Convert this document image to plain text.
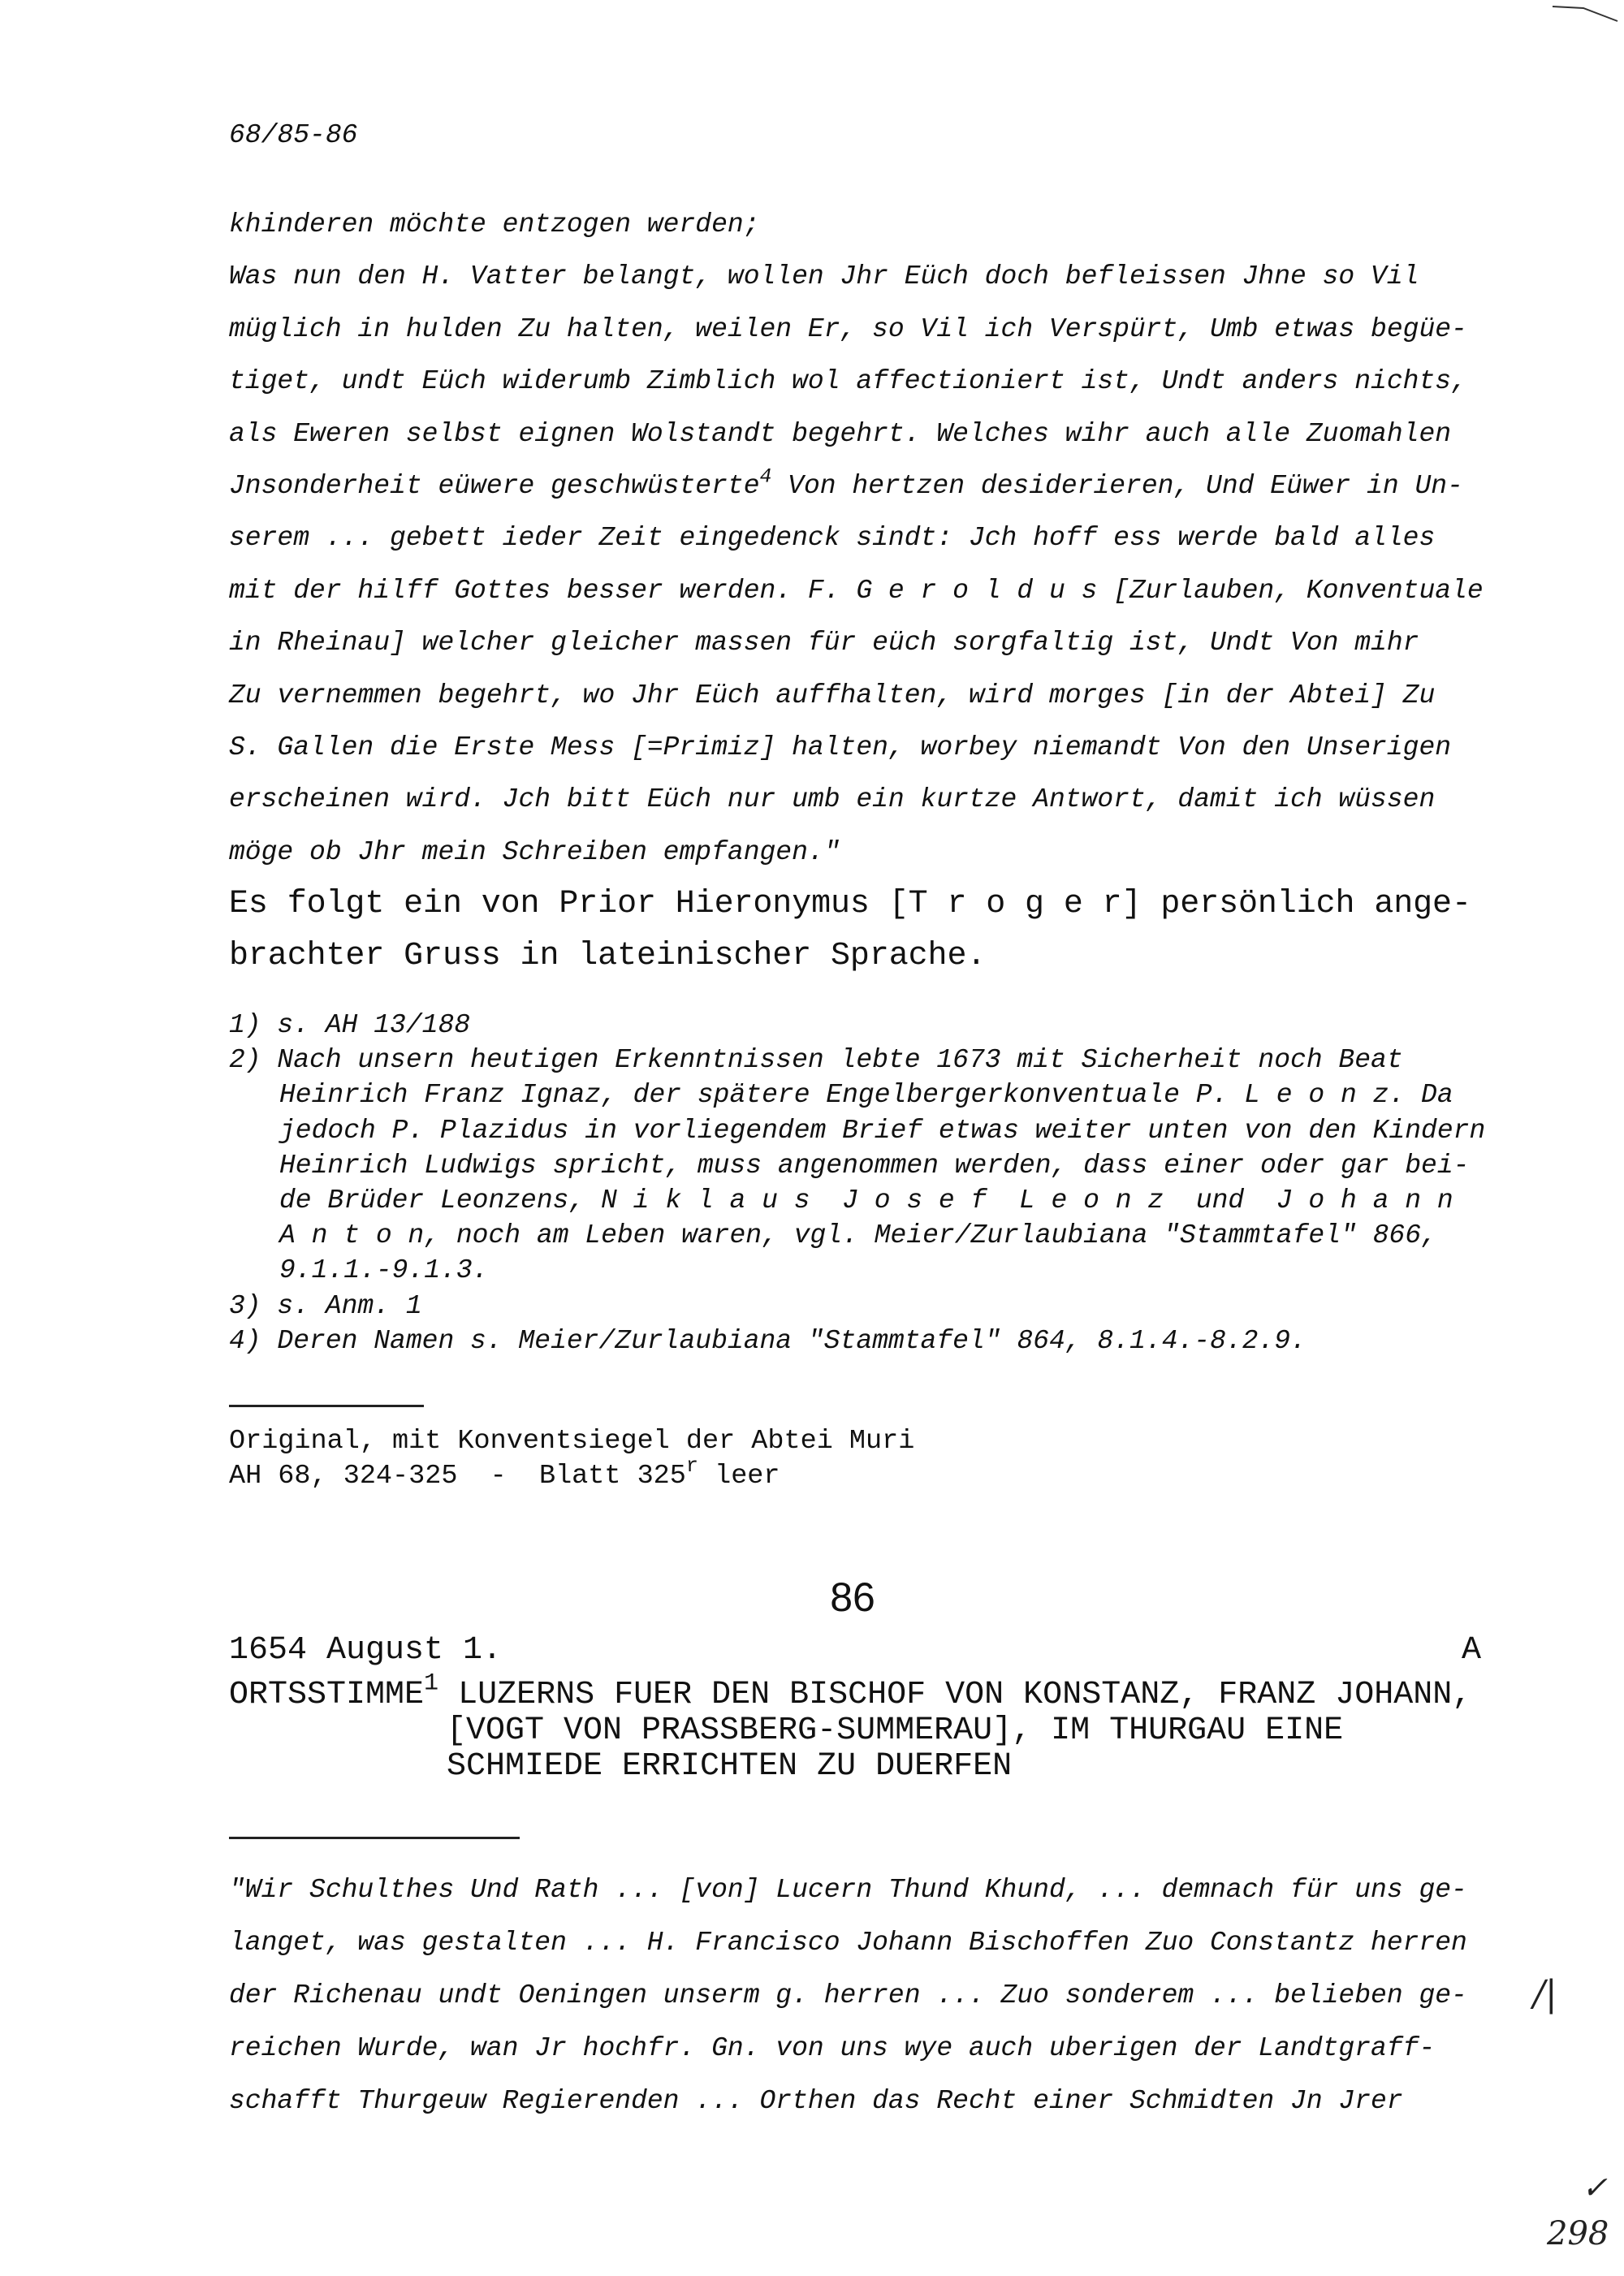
68/85-86
khinderen möchte entzogen werden;
Was nun den H. Vatter belangt, wollen Jhr Eüch doch befleissen Jhne so Vil
müglich in hulden Zu halten, weilen Er, so Vil ich Verspürt, Umb etwas begüe-
tiget, undt Eüch widerumb Zimblich wol affectioniert ist, Undt anders nichts,
als Eweren selbst eignen Wolstandt begehrt. Welches wihr auch alle Zuomahlen
Jnsonderheit eüwere geschwüsterte$^4$ Von hertzen desiderieren, Und Eüwer in Un-
serem ... gebett ieder Zeit eingedenck sindt: Jch hoff ess werde bald alles
mit der hilff Gottes besser werden. F. G e r o l d u s [Zurlauben, Konventuale
in Rheinau] welcher gleicher massen für eüch sorgfaltig ist, Undt Von mihr
Zu vernemmen begehrt, wo Jhr Eüch auffhalten, wird morges [in der Abtei] Zu
S. Gallen die Erste Mess [=Primiz] halten, worbey niemandt Von den Unserigen
erscheinen wird. Jch bitt Eüch nur umb ein kurtze Antwort, damit ich wüssen
möge ob Jhr mein Schreiben empfangen."
Es folgt ein von Prior Hieronymus [T r o g e r] persönlich ange-
brachter Gruss in lateinischer Sprache.
1) s. AH 13/188
2) Nach unsern heutigen Erkenntnissen lebte 1673 mit Sicherheit noch Beat
Heinrich Franz Ignaz, der spätere Engelbergerkonventuale P. L e o n z. Da
jedoch P. Plazidus in vorliegendem Brief etwas weiter unten von den Kindern
Heinrich Ludwigs spricht, muss angenommen werden, dass einer oder gar bei-
de Brüder Leonzens, N i k l a u s  J o s e f  L e o n z  und  J o h a n n
A n t o n, noch am Leben waren, vgl. Meier/Zurlaubiana "Stammtafel" 866,
9.1.1.-9.1.3.
3) s. Anm. 1
4) Deren Namen s. Meier/Zurlaubiana "Stammtafel" 864, 8.1.4.-8.2.9.
Original, mit Konventsiegel der Abtei Muri
AH 68, 324-325  -  Blatt 325$^r$ leer
86
1654 August 1.	A
ORTSSTIMME$^1$ LUZERNS FUER DEN BISCHOF VON KONSTANZ, FRANZ JOHANN,
[VOGT VON PRASSBERG-SUMMERAU], IM THURGAU EINE
SCHMIEDE ERRICHTEN ZU DUERFEN
"Wir Schulthes Und Rath ... [von] Lucern Thund Khund, ... demnach für uns ge-
langet, was gestalten ... H. Francisco Johann Bischoffen Zuo Constantz herren
der Richenau undt Oeningen unserm g. herren ... Zuo sonderem ... belieben ge-
reichen Wurde, wan Jr hochfr. Gn. von uns wye auch uberigen der Landtgraff-
schafft Thurgeuw Regierenden ... Orthen das Recht einer Schmidten Jn Jrer
/|
✓
298
